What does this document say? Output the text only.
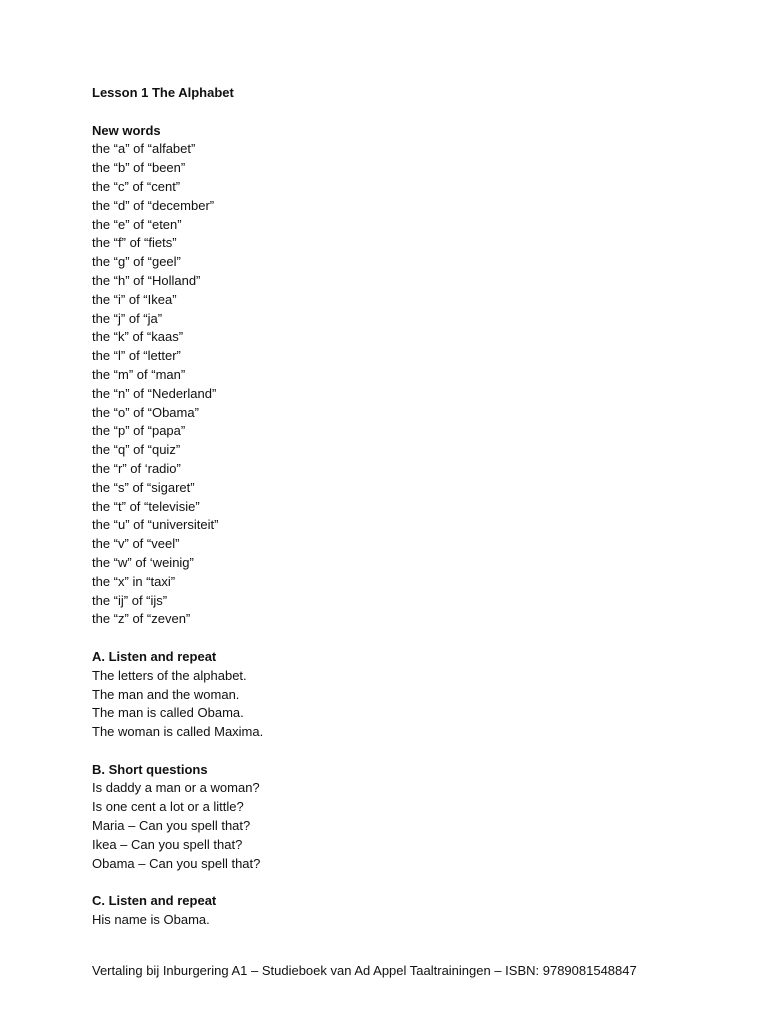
Lesson 1 The Alphabet
New words
the “a” of “alfabet”
the “b” of “been”
the “c” of “cent”
the “d” of “december”
the “e” of “eten”
the “f” of “fiets”
the “g” of “geel”
the “h” of “Holland”
the “i” of “Ikea”
the “j” of “ja”
the “k” of “kaas”
the “l” of “letter”
the “m” of “man”
the “n” of “Nederland”
the “o” of “Obama”
the “p” of “papa”
the “q” of “quiz”
the “r” of ‘radio”
the “s” of “sigaret”
the “t” of “televisie”
the “u” of “universiteit”
the “v” of “veel”
the “w” of ‘weinig”
the “x” in “taxi”
the “ij” of “ijs”
the “z” of “zeven”
A. Listen and repeat
The letters of the alphabet.
The man and the woman.
The man is called Obama.
The woman is called Maxima.
B. Short questions
Is daddy a man or a woman?
Is one cent a lot or a little?
Maria – Can you spell that?
Ikea – Can you spell that?
Obama – Can you spell that?
C. Listen and repeat
His name is Obama.
Vertaling bij Inburgering A1 – Studieboek van Ad Appel Taaltrainingen – ISBN: 9789081548847
